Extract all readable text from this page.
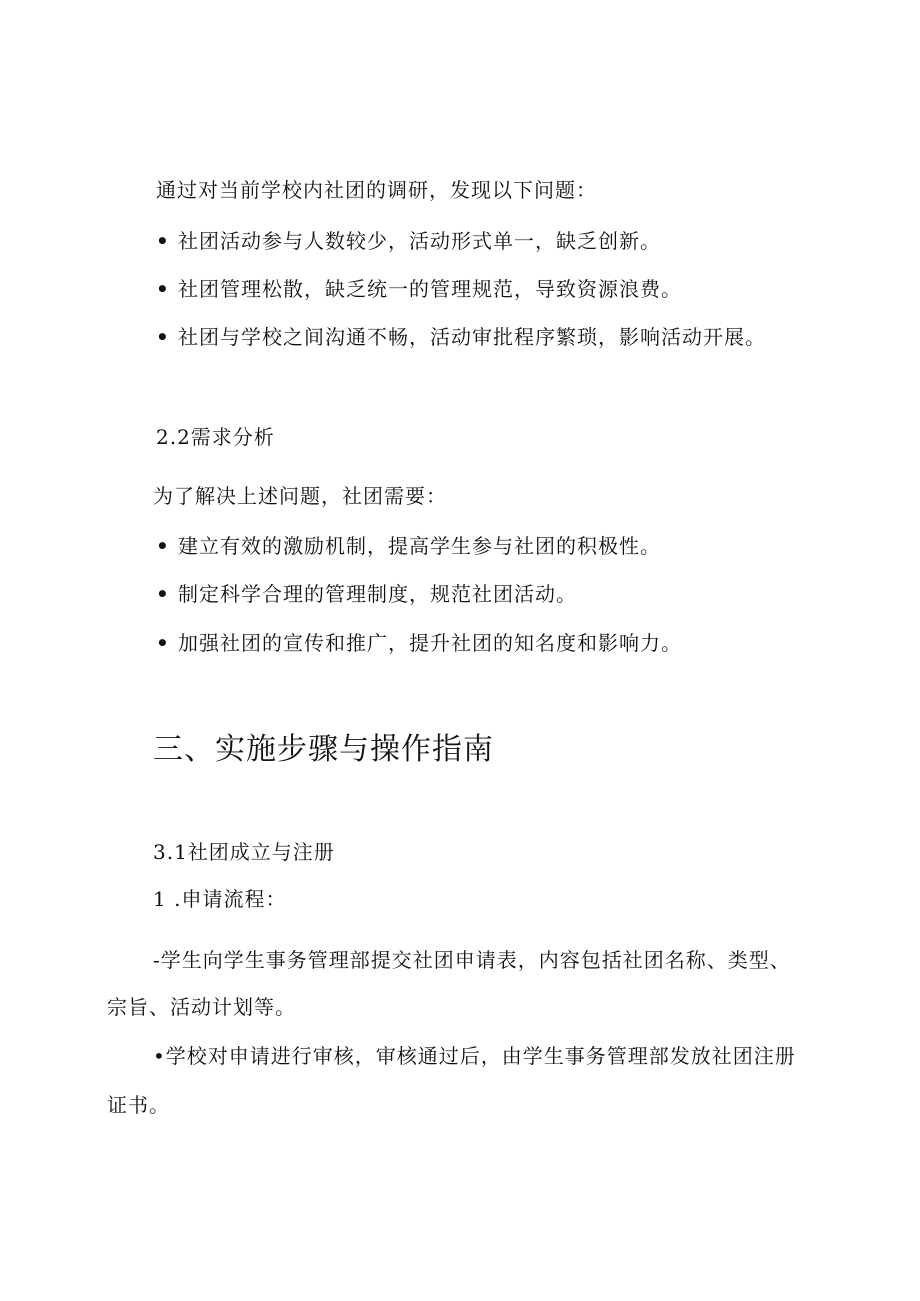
通过对当前学校内社团的调研，发现以下问题：
• 社团活动参与人数较少，活动形式单一，缺乏创新。
• 社团管理松散，缺乏统一的管理规范，导致资源浪费。
• 社团与学校之间沟通不畅，活动审批程序繁琐，影响活动开展。
2.2需求分析
为了解决上述问题，社团需要：
• 建立有效的激励机制，提高学生参与社团的积极性。
• 制定科学合理的管理制度，规范社团活动。
• 加强社团的宣传和推广，提升社团的知名度和影响力。
三、实施步骤与操作指南
3.1社团成立与注册
1 .申请流程：
-学生向学生事务管理部提交社团申请表，内容包括社团名称、类型、
宗旨、活动计划等。
•学校对申请进行审核，审核通过后，由学生事务管理部发放社团注册
证书。
